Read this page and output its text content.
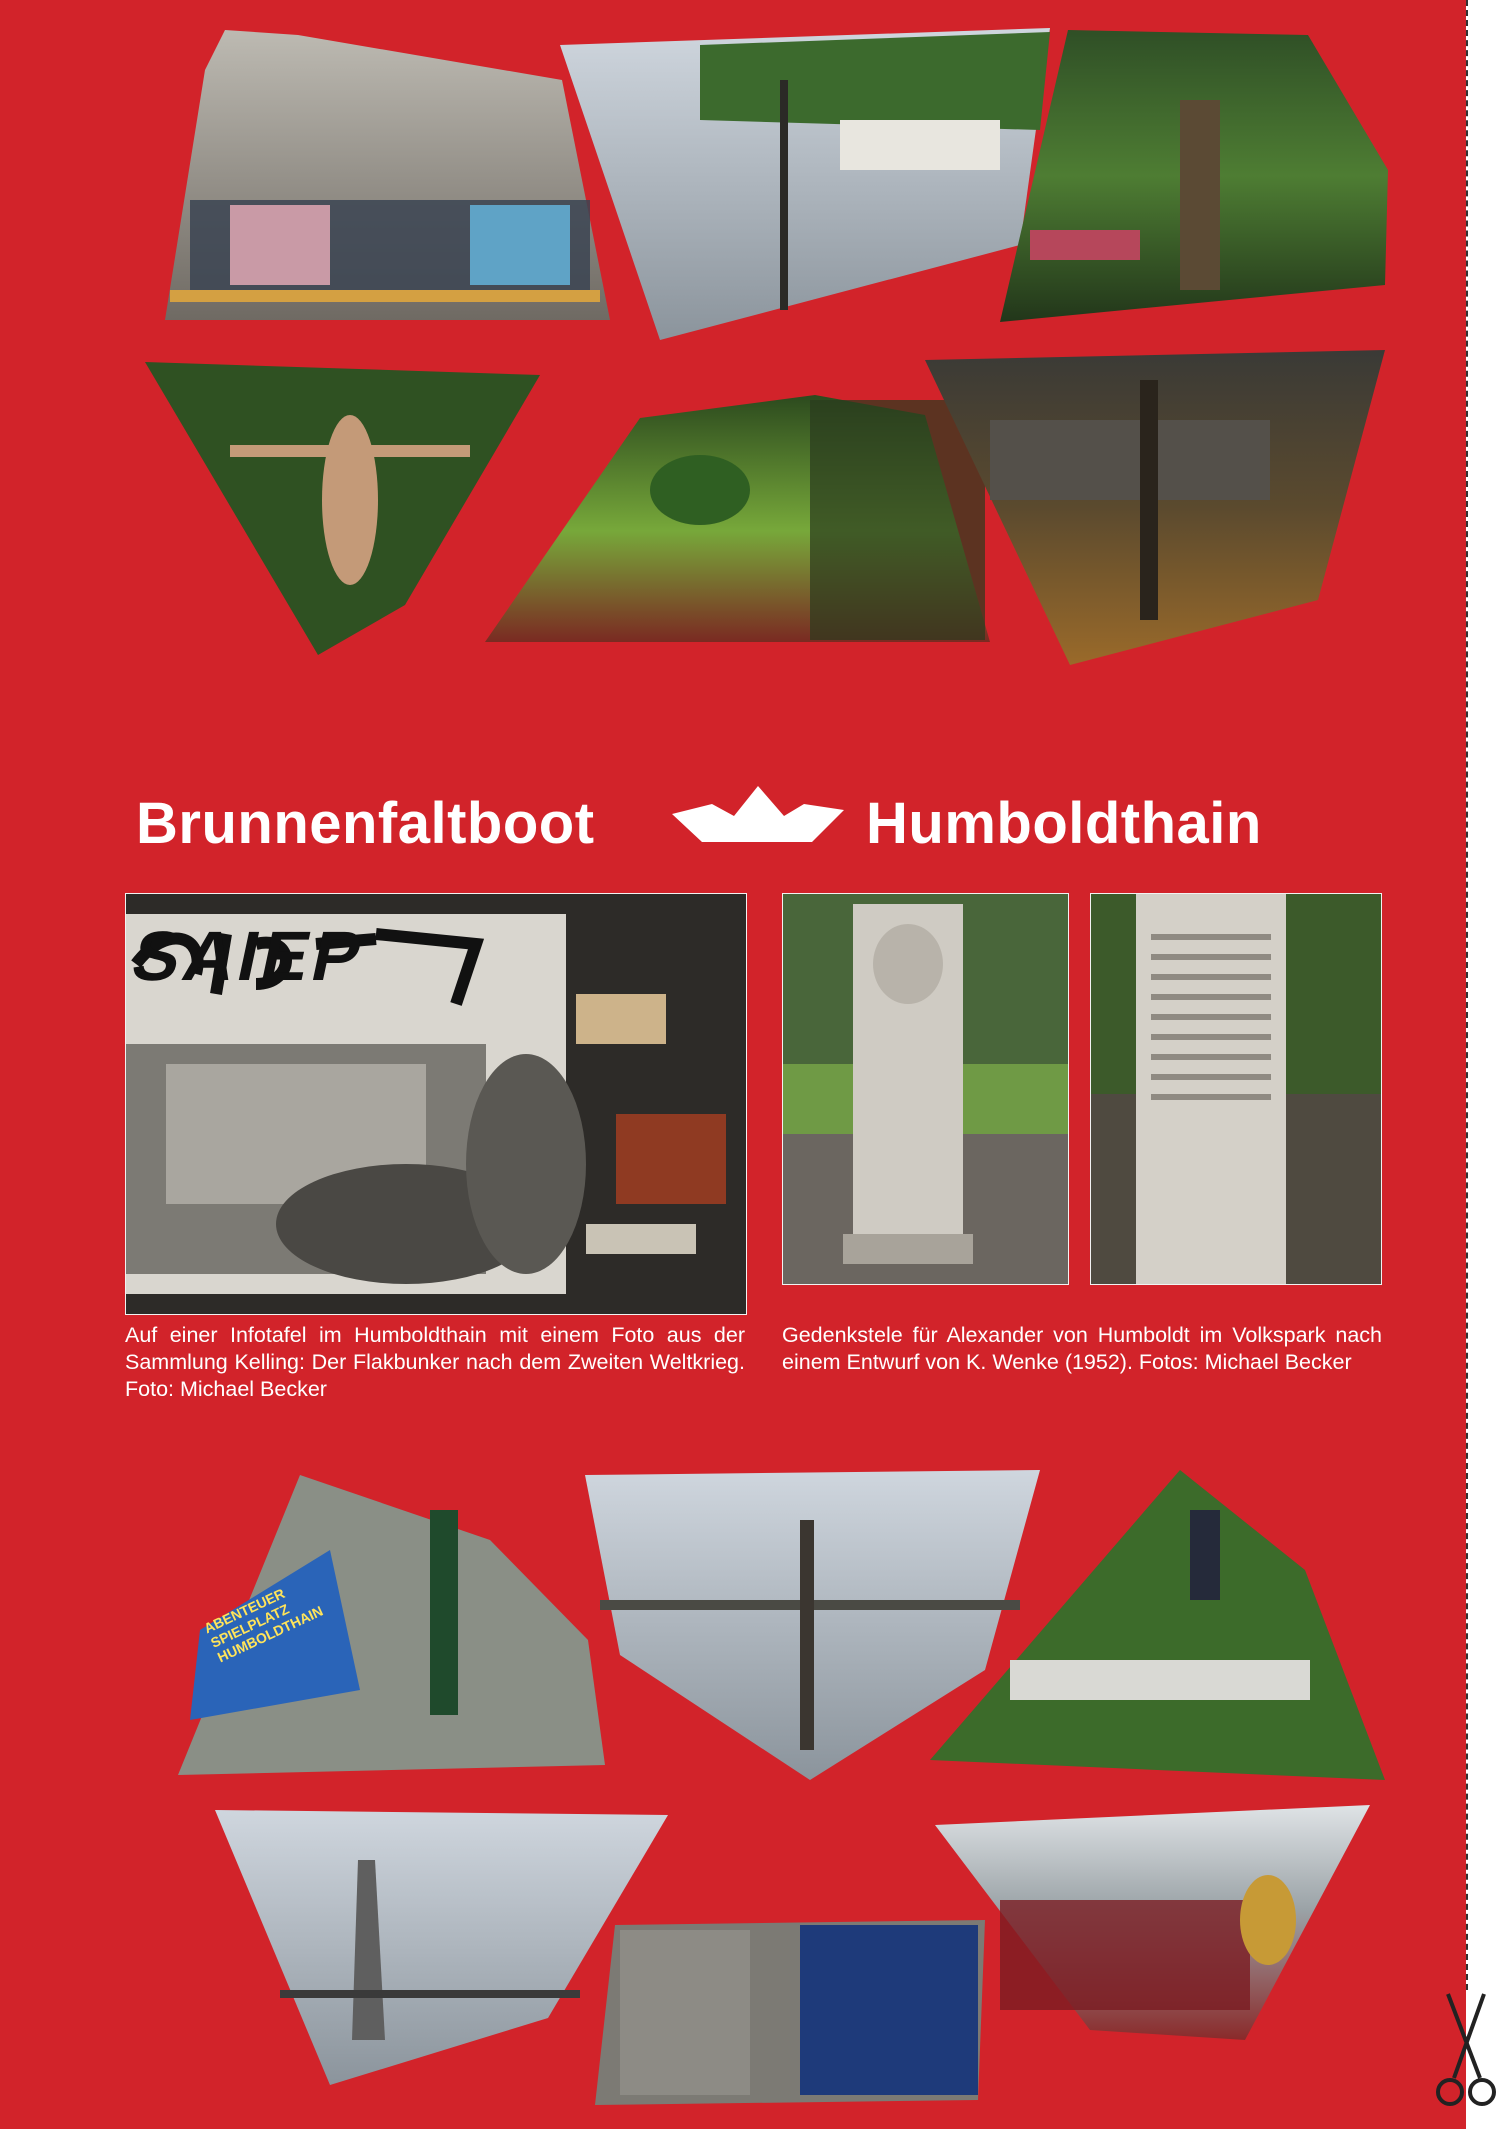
Brunnenfaltboot	Humboldthain
SAIEP
Auf einer Infotafel im Humboldthain mit einem Foto aus der Sammlung Kelling: Der Flakbunker nach dem Zweiten Weltkrieg. Foto: Michael Becker
Gedenkstele für Alexander von Humboldt im Volkspark nach einem Entwurf von K. Wenke (1952). Fotos: Michael Becker
ABENTEUER SPIELPLATZ HUMBOLDTHAIN
